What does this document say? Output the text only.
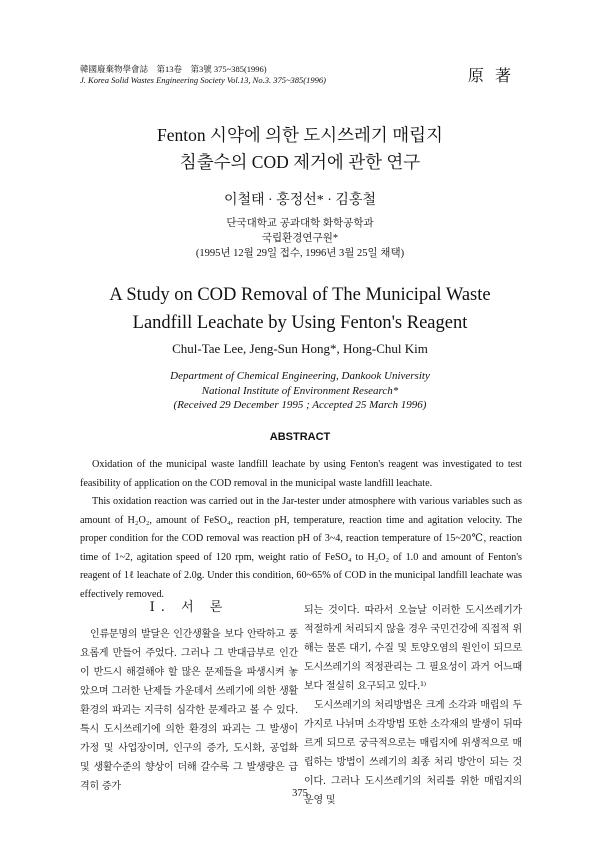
韓國廢棄物學會誌　第13卷　第3號 375~385(1996)
J. Korea Solid Wastes Engineering Society Vol.13, No.3. 375~385(1996)	原 著
Fenton 시약에 의한 도시쓰레기 매립지
침출수의 COD 제거에 관한 연구
이철태 · 홍정선* · 김홍철
단국대학교 공과대학 화학공학과
국립환경연구원*
(1995년 12월 29일 접수, 1996년 3월 25일 채택)
A Study on COD Removal of The Municipal Waste
Landfill Leachate by Using Fenton's Reagent
Chul-Tae Lee, Jeng-Sun Hong*, Hong-Chul Kim
Department of Chemical Engineering, Dankook University
National Institute of Environment Research*
(Received 29 December 1995 ; Accepted 25 March 1996)
ABSTRACT

Oxidation of the municipal waste landfill leachate by using Fenton's reagent was investigated to test feasibility of application on the COD removal in the municipal waste landfill leachate.

This oxidation reaction was carried out in the Jar-tester under atmosphere with various variables such as amount of H₂O₂, amount of FeSO₄, reaction pH, temperature, reaction time and agitation velocity. The proper condition for the COD removal was reaction pH of 3~4, reaction temperature of 15~20℃, reaction time of 1~2, agitation speed of 120 rpm, weight ratio of FeSO₄ to H₂O₂ of 1.0 and amount of Fenton's reagent of 1ℓ leachate of 2.0g. Under this condition, 60~65% of COD in the municipal landfill leachate was effectively removed.

Ⅰ. 서 론

인류문명의 발달은 인간생활을 보다 안락하고 풍요롭게 만들어 주었다. 그러나 그 반대급부로 인간이 반드시 해결해야 할 많은 문제들을 파생시켜 놓았으며 그러한 난제들 가운데서 쓰레기에 의한 생활환경의 파괴는 지극히 심각한 문제라고 볼 수 있다. 특시 도시쓰레기에 의한 환경의 파괴는 그 발생이 가정 및 사업장이며, 인구의 증가, 도시화, 공업화 및 생활수준의 향상이 더해 갈수록 그 발생량은 급격히 증가

되는 것이다. 따라서 오늘날 이러한 도시쓰레기가 적절하게 처리되지 않을 경우 국민건강에 직접적 위해는 물론 대기, 수질 및 토양오염의 원인이 되므로 도시쓰레기의 적정관리는 그 필요성이 과거 어느때 보다 절실히 요구되고 있다.¹⁾

도시쓰레기의 처리방법은 크게 소각과 매립의 두가지로 나뉘며 소각방법 또한 소각재의 발생이 뒤따르게 되므로 궁극적으로는 매립지에 위생적으로 매립하는 방법이 쓰레기의 최종 처리 방안이 되는 것이다. 그러나 도시쓰레기의 처리를 위한 매립지의 운영 및

375
